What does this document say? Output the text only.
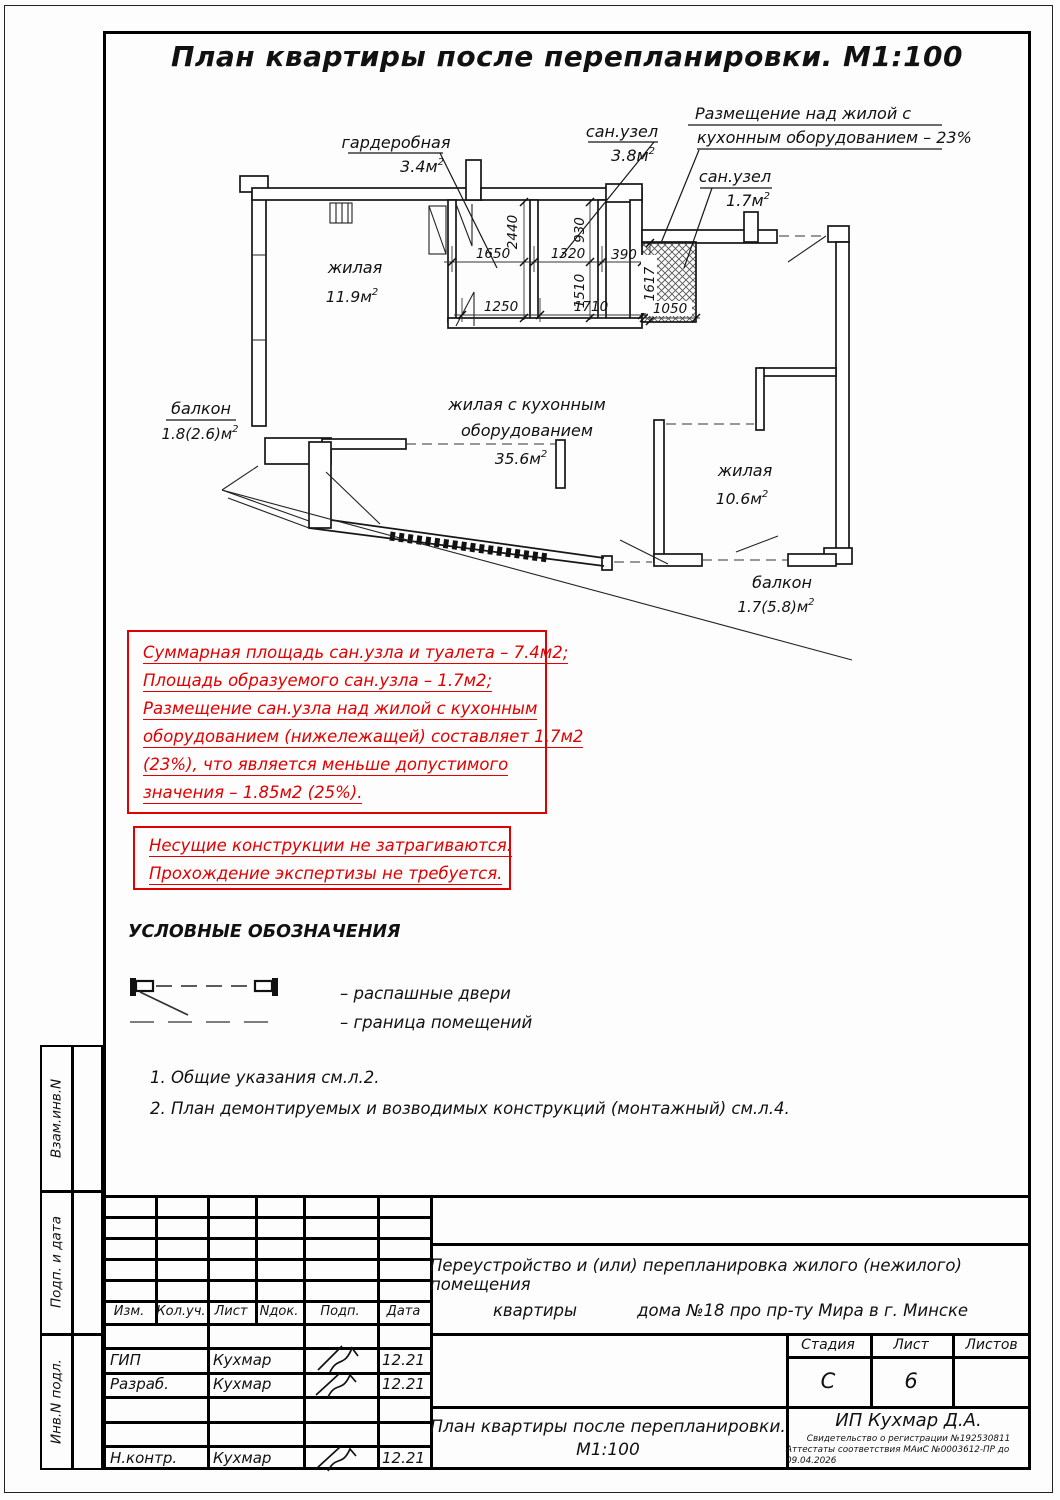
План квартиры после перепланировки. М1:100
1650	1320 390
1250	1710
2440	930
1510	1617
1050
гардеробная
$3.4м^2$
сан.узел
$3.8м^2$
Размещение над жилой с
кухонным оборудованием – 23%
сан.узел
$1.7м^2$
жилая
$11.9м^2$
жилая с кухонным
оборудованием
$35.6м^2$
жилая
$10.6м^2$
балкон
$1.8(2.6)м^2$
балкон
$1.7(5.8)м^2$
Суммарная площадь сан.узла и туалета – 7.4м2;
Площадь образуемого сан.узла – 1.7м2;
Размещение сан.узла над жилой с кухонным
оборудованием (нижележащей) составляет 1.7м2
(23%), что является меньше допустимого
значения – 1.85м2 (25%).
Несущие конструкции не затрагиваются.
Прохождение экспертизы не требуется.
УСЛОВНЫЕ ОБОЗНАЧЕНИЯ
– распашные двери
– граница помещений
1. Общие указания см.л.2.
2. План демонтируемых и возводимых конструкций (монтажный) см.л.4.
Взам.инв.N
Подп. и дата
Инв.N подл.
Изм. Кол.уч. Лист Nдок.	Подп.	Дата
ГИП	Кухмар	12.21
Разраб.	Кухмар	12.21
Н.контр.	Кухмар	12.21
Переустройство и (или) перепланировка жилого (нежилого) помещения
квартиры	дома №18 про пр-ту Мира в г. Минске
Стадия	Лист	Листов
С	6
План квартиры после перепланировки.
М1:100
ИП Кухмар Д.А.
Свидетельство о регистрации №192530811
Аттестаты соответствия МАиС №0003612-ПР до 09.04.2026
